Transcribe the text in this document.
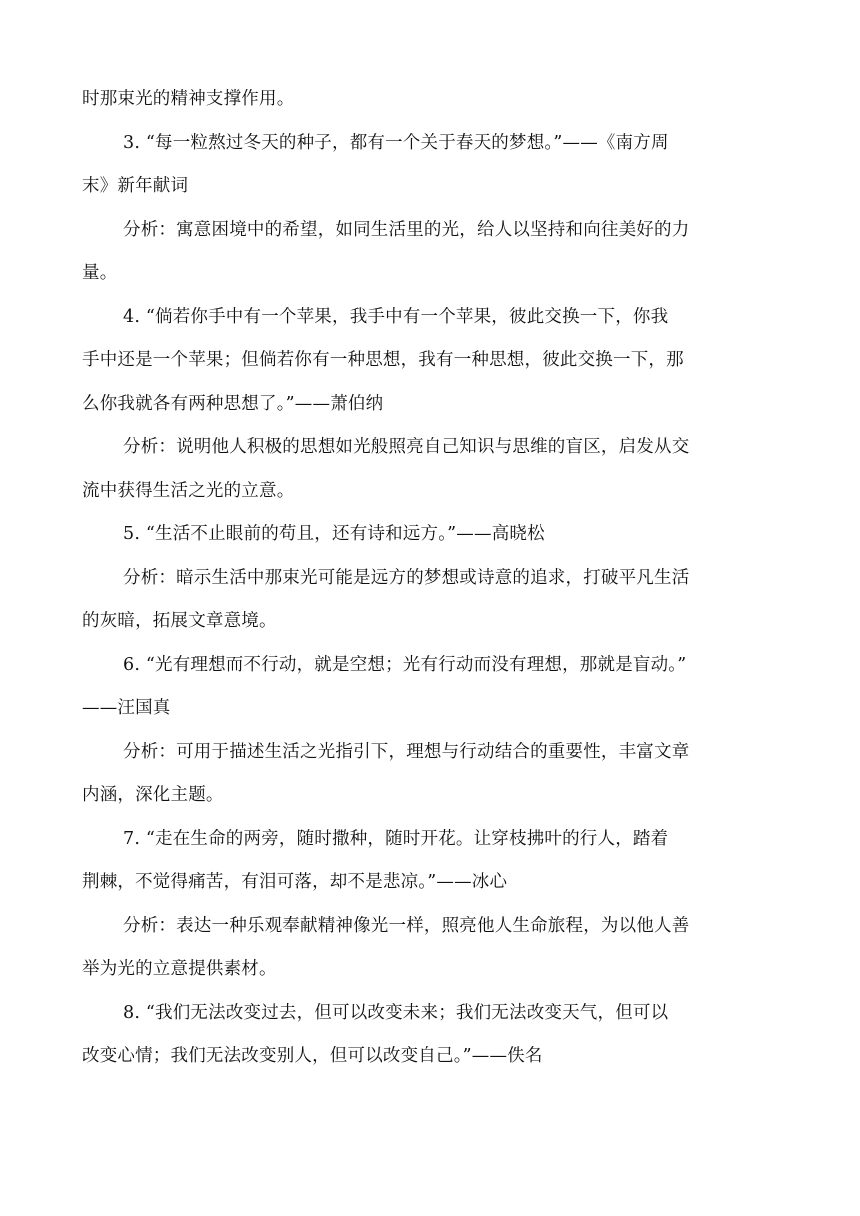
时那束光的精神支撑作用。
3. “每一粒熬过冬天的种子，都有一个关于春天的梦想。”——《南方周
末》新年献词
分析：寓意困境中的希望，如同生活里的光，给人以坚持和向往美好的力
量。
4. “倘若你手中有一个苹果，我手中有一个苹果，彼此交换一下，你我
手中还是一个苹果；但倘若你有一种思想，我有一种思想，彼此交换一下，那
么你我就各有两种思想了。”——萧伯纳
分析：说明他人积极的思想如光般照亮自己知识与思维的盲区，启发从交
流中获得生活之光的立意。
5. “生活不止眼前的苟且，还有诗和远方。”——高晓松
分析：暗示生活中那束光可能是远方的梦想或诗意的追求，打破平凡生活
的灰暗，拓展文章意境。
6. “光有理想而不行动，就是空想；光有行动而没有理想，那就是盲动。”
——汪国真
分析：可用于描述生活之光指引下，理想与行动结合的重要性，丰富文章
内涵，深化主题。
7. “走在生命的两旁，随时撒种，随时开花。让穿枝拂叶的行人，踏着
荆棘，不觉得痛苦，有泪可落，却不是悲凉。”——冰心
分析：表达一种乐观奉献精神像光一样，照亮他人生命旅程，为以他人善
举为光的立意提供素材。
8. “我们无法改变过去，但可以改变未来；我们无法改变天气，但可以
改变心情；我们无法改变别人，但可以改变自己。”——佚名
